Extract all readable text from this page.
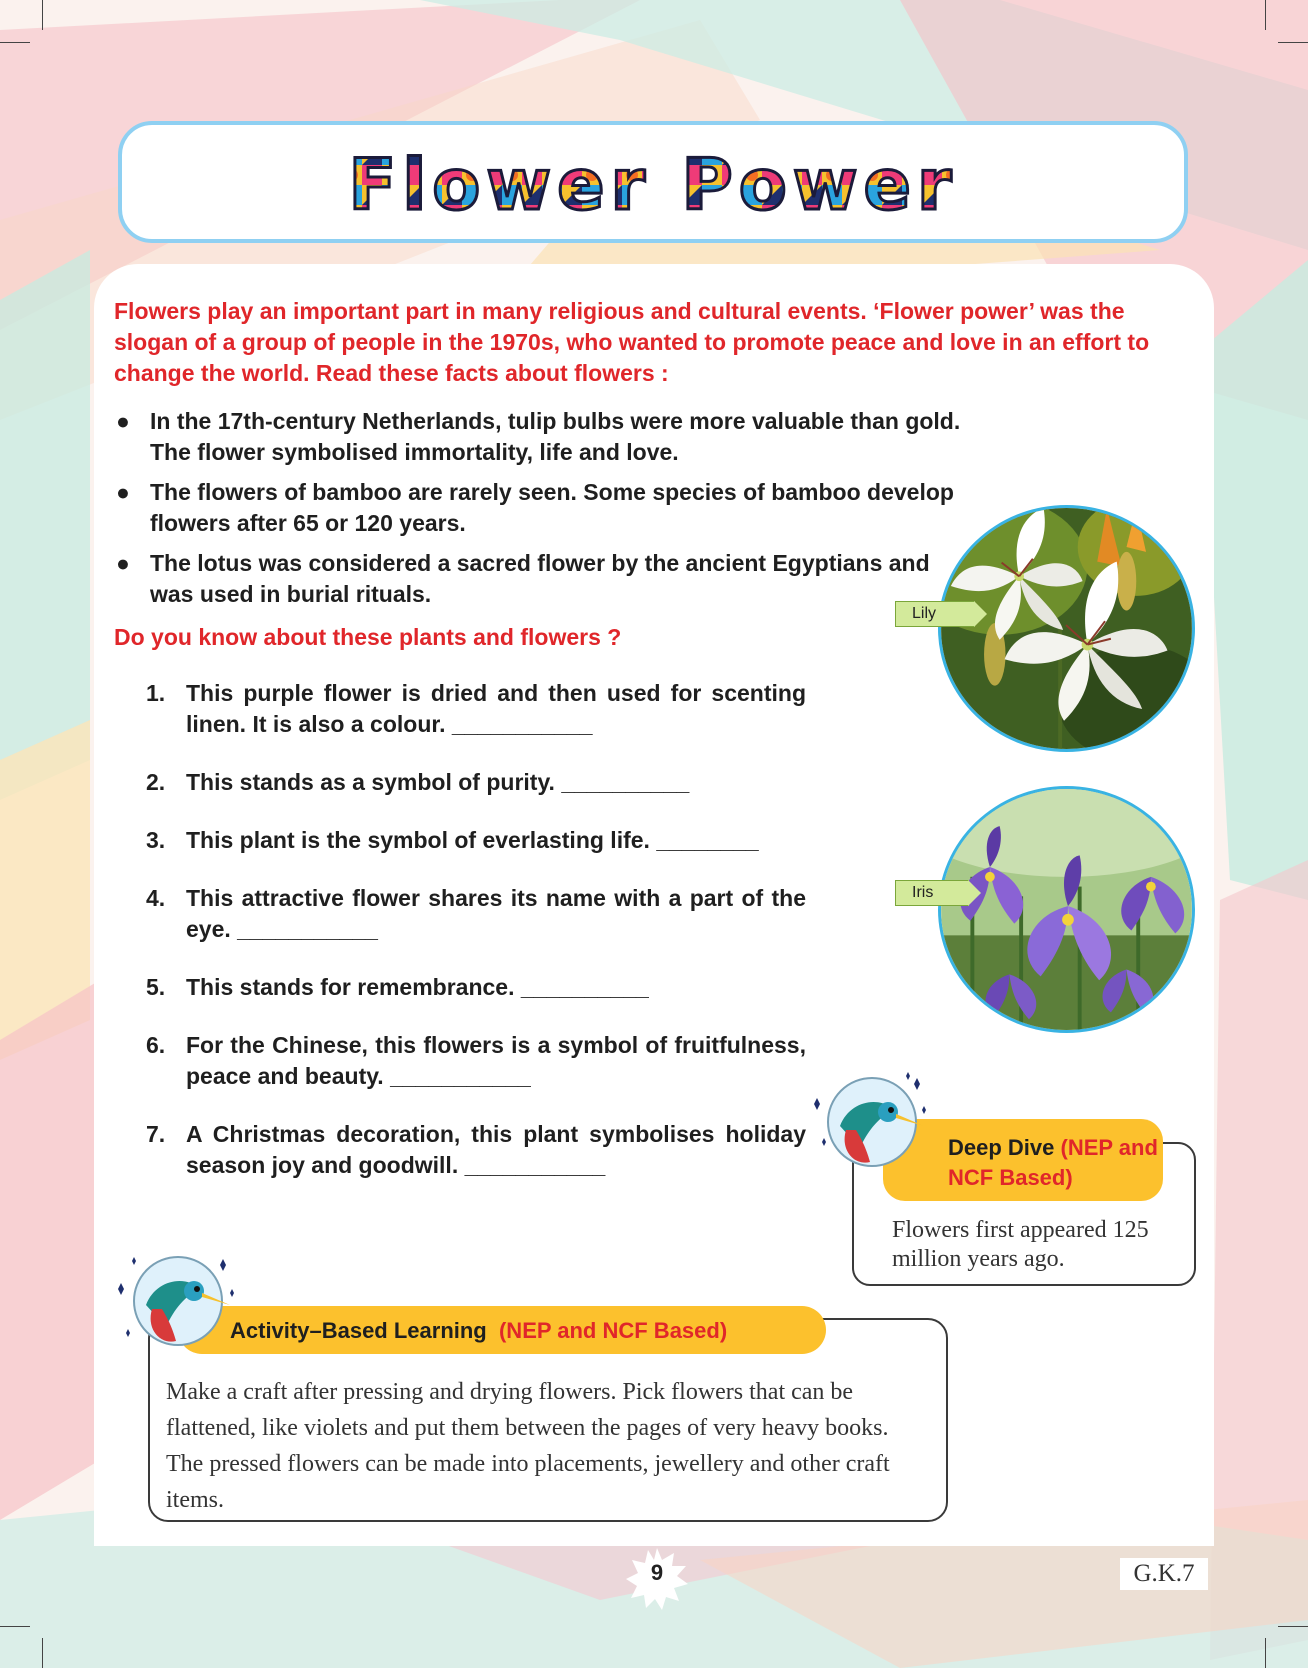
Flower Power

Flowers play an important part in many religious and cultural events. ‘Flower power’ was the slogan of a group of people in the 1970s, who wanted to promote peace and love in an effort to change the world. Read these facts about flowers :

● In the 17th-century Netherlands, tulip bulbs were more valuable than gold. The flower symbolised immortality, life and love.
● The flowers of bamboo are rarely seen. Some species of bamboo develop flowers after 65 or 120 years.
● The lotus was considered a sacred flower by the ancient Egyptians and was used in burial rituals.

Do you know about these plants and flowers ?

1. This purple flower is dried and then used for scenting linen. It is also a colour. ___________
2. This stands as a symbol of purity. __________
3. This plant is the symbol of everlasting life. ________
4. This attractive flower shares its name with a part of the eye. ___________
5. This stands for remembrance. __________
6. For the Chinese, this flowers is a symbol of fruitfulness, peace and beauty. ___________
7. A Christmas decoration, this plant symbolises holiday season joy and goodwill. ___________
Lily
Iris
Deep Dive (NEP and NCF Based)

Flowers first appeared 125 million years ago.

Activity–Based Learning (NEP and NCF Based)

Make a craft after pressing and drying flowers. Pick flowers that can be flattened, like violets and put them between the pages of very heavy books. The pressed flowers can be made into placements, jewellery and other craft items.

9	G.K.7
